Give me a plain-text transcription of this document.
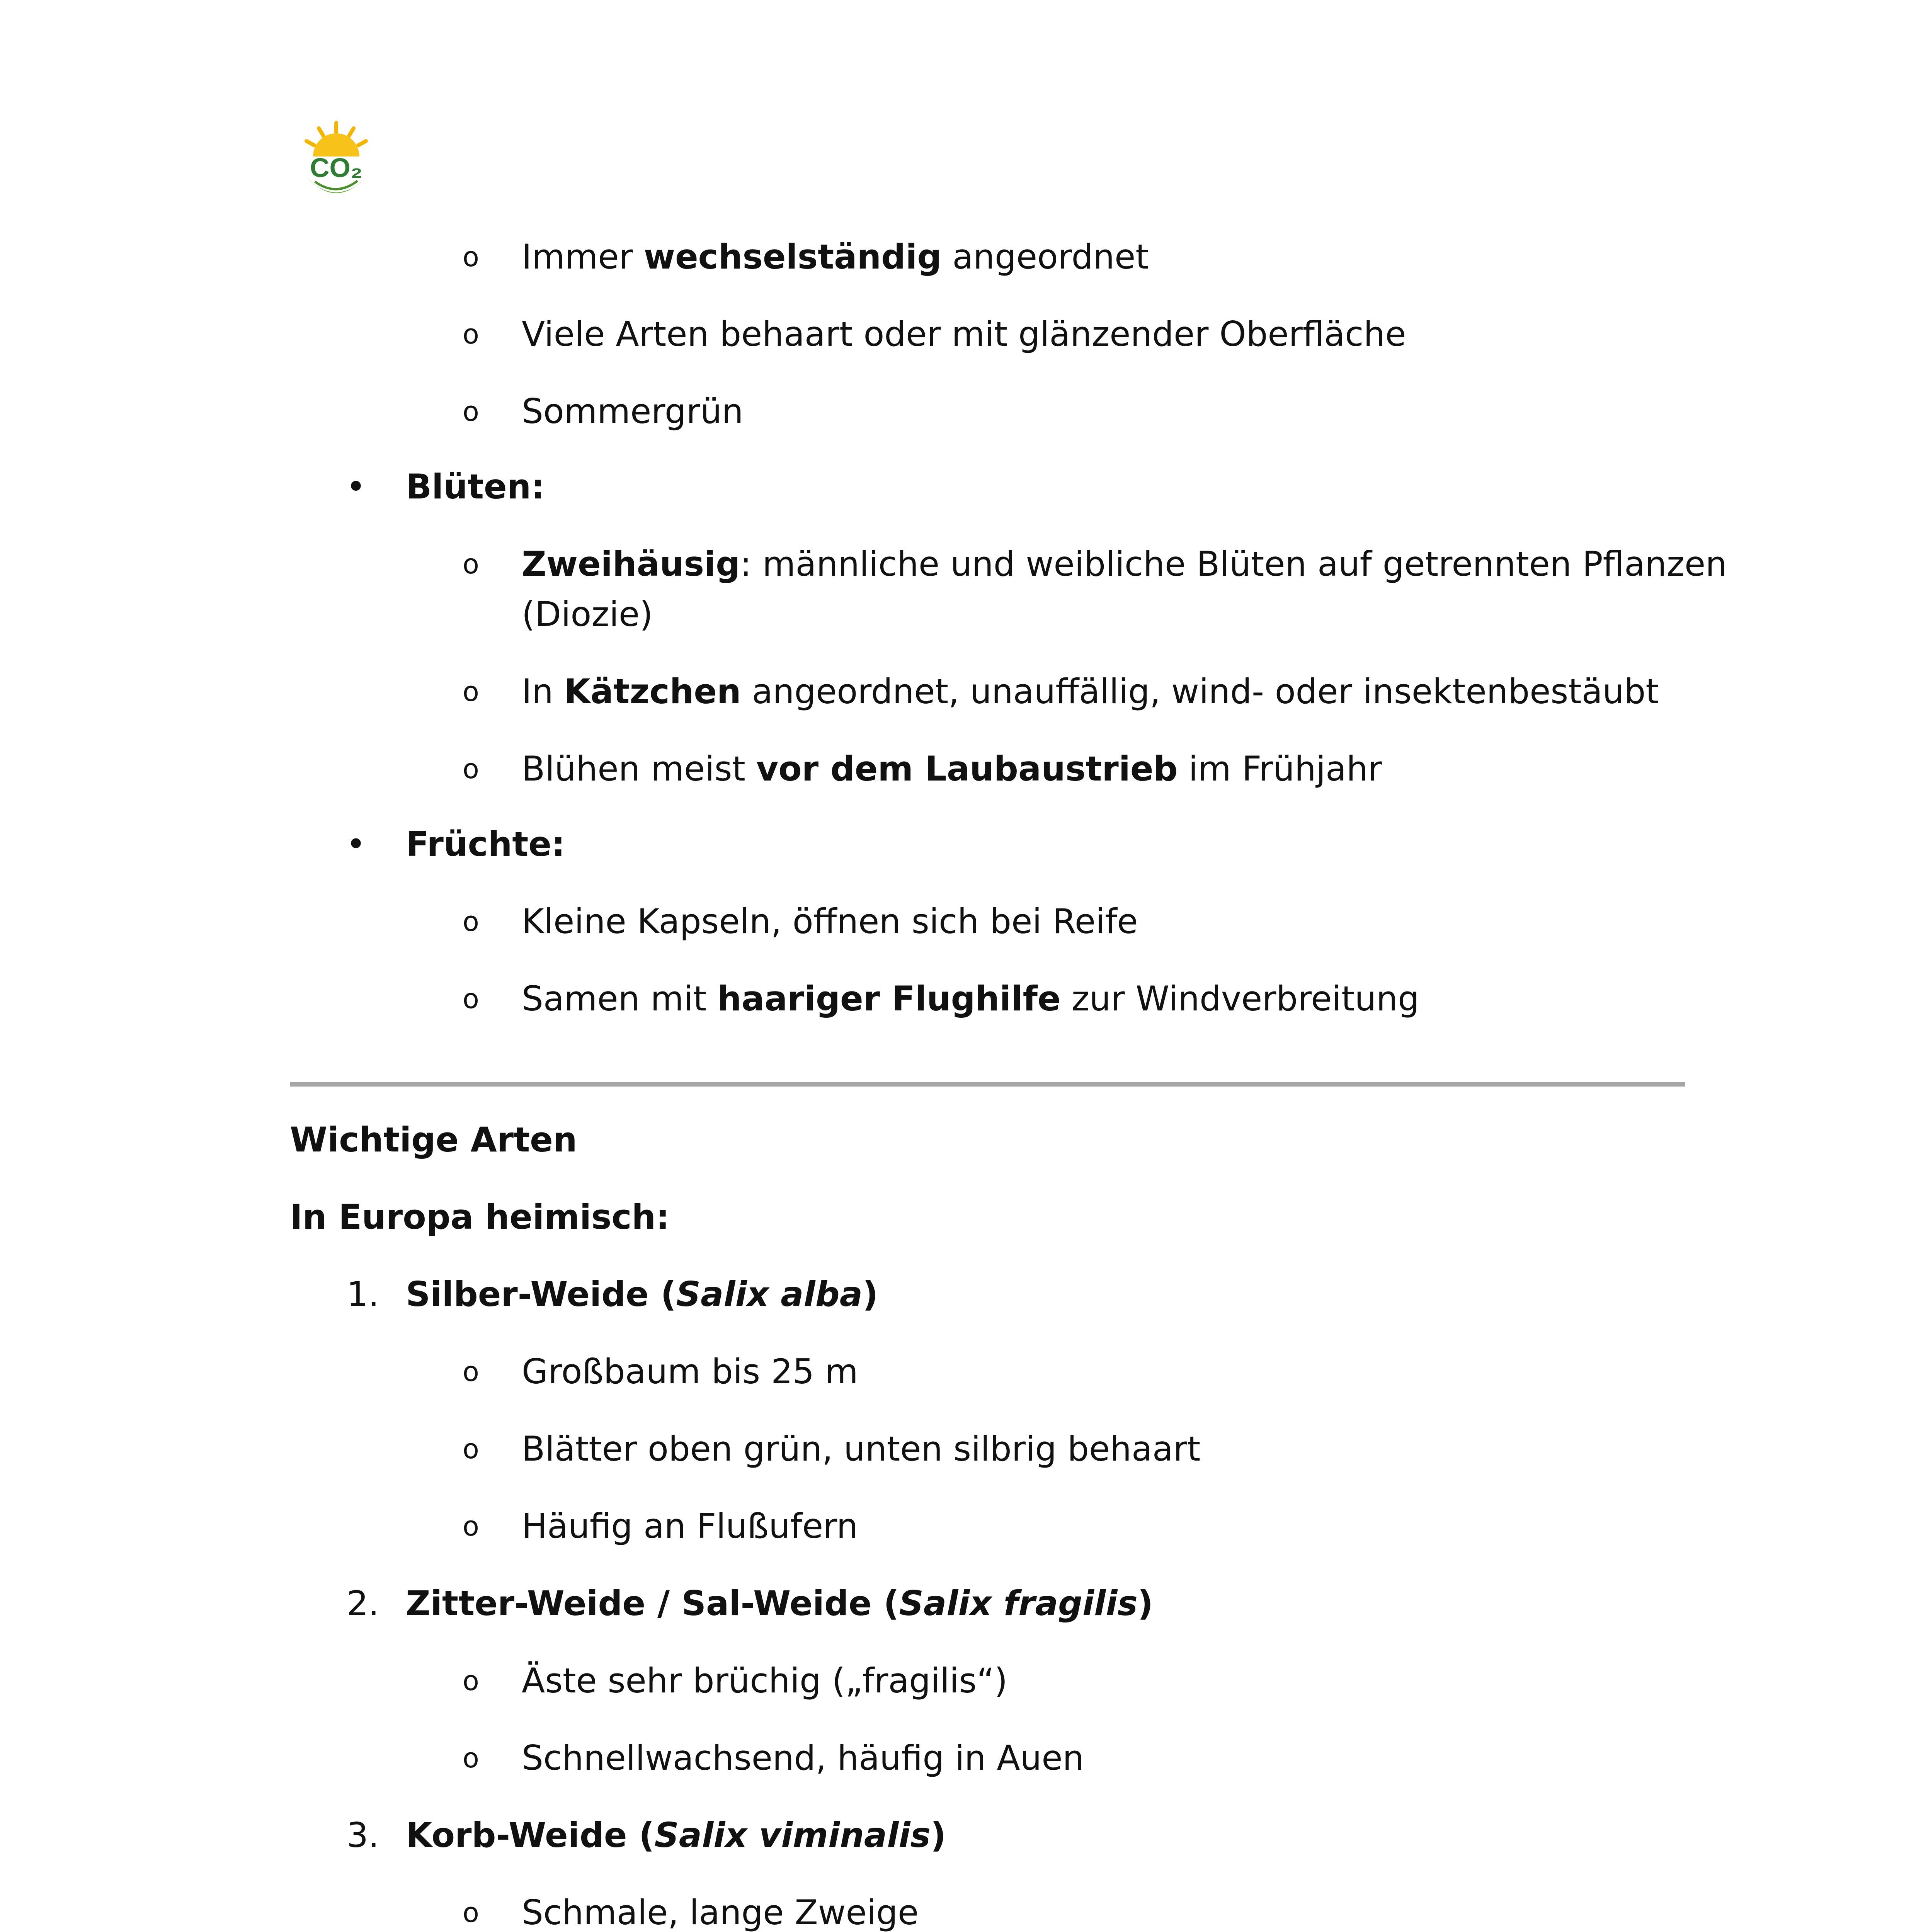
CO₂
o Immer wechselständig angeordnet
o Viele Arten behaart oder mit glänzender Oberfläche
o Sommergrün
• Blüten:
o Zweihäusig: männliche und weibliche Blüten auf getrennten Pflanzen
(Diozie)
o In Kätzchen angeordnet, unauffällig, wind- oder insektenbestäubt
o Blühen meist vor dem Laubaustrieb im Frühjahr
• Früchte:
o Kleine Kapseln, öffnen sich bei Reife
o Samen mit haariger Flughilfe zur Windverbreitung
Wichtige Arten
In Europa heimisch:
1. Silber-Weide (Salix alba)
o Großbaum bis 25 m
o Blätter oben grün, unten silbrig behaart
o Häufig an Flußufern
2. Zitter-Weide / Sal-Weide (Salix fragilis)
o Äste sehr brüchig („fragilis“)
o Schnellwachsend, häufig in Auen
3. Korb-Weide (Salix viminalis)
o Schmale, lange Zweige
